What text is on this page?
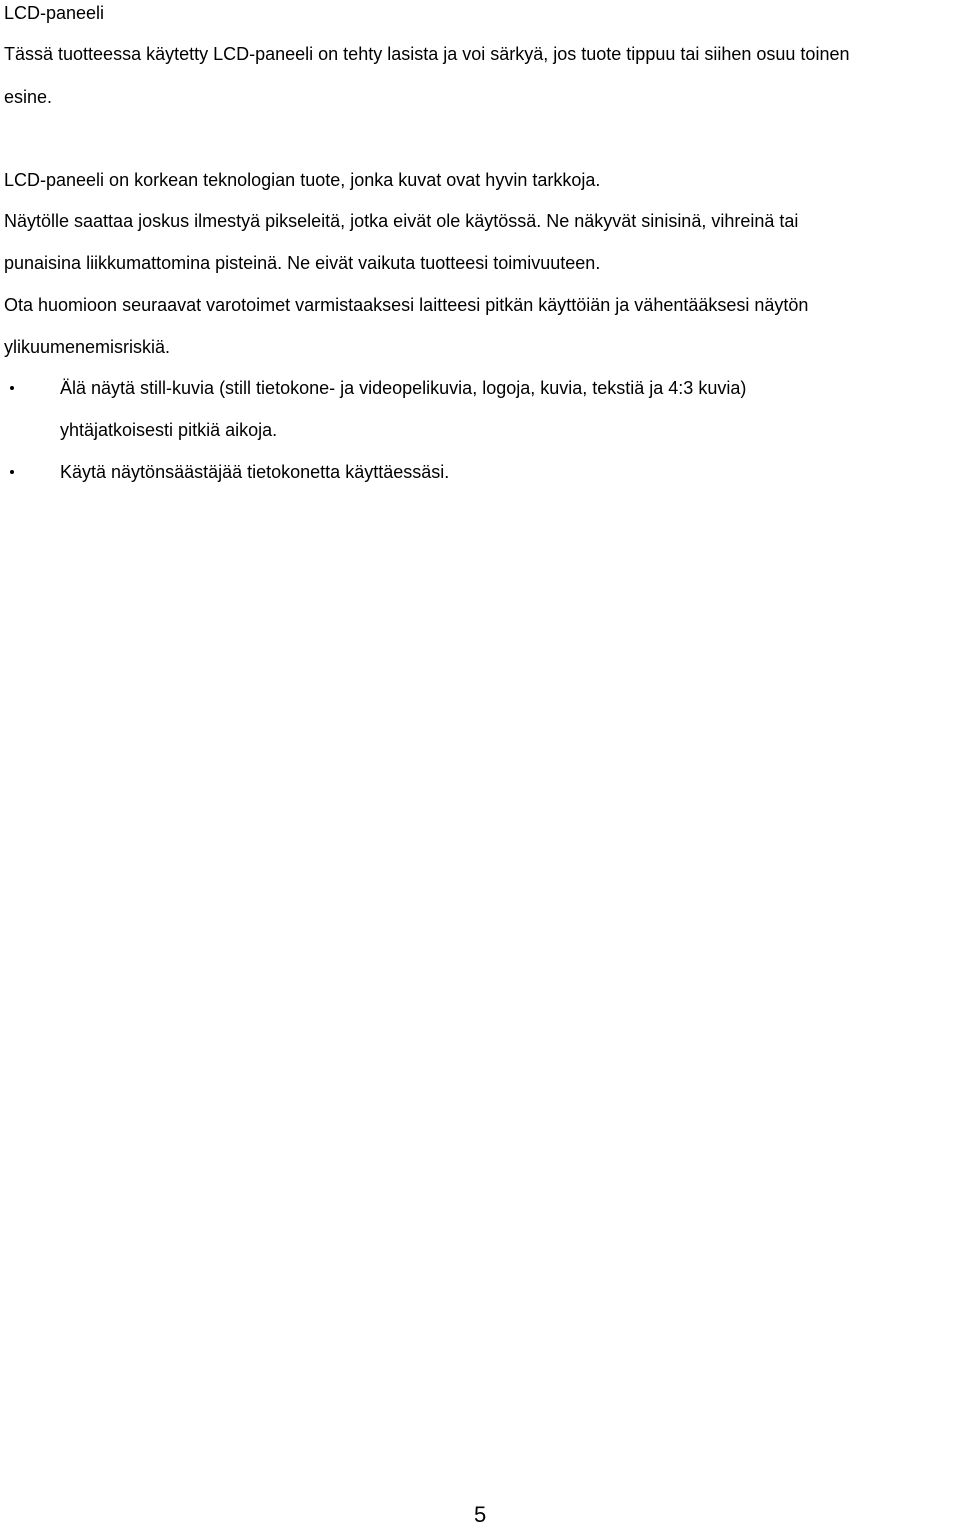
LCD-paneeli
Tässä tuotteessa käytetty LCD-paneeli on tehty lasista ja voi särkyä, jos tuote tippuu tai siihen osuu toinen
esine.
LCD-paneeli on korkean teknologian tuote, jonka kuvat ovat hyvin tarkkoja.
Näytölle saattaa joskus ilmestyä pikseleitä, jotka eivät ole käytössä. Ne näkyvät sinisinä, vihreinä tai
punaisina liikkumattomina pisteinä. Ne eivät vaikuta tuotteesi toimivuuteen.
Ota huomioon seuraavat varotoimet varmistaaksesi laitteesi pitkän käyttöiän ja vähentääksesi näytön
ylikuumenemisriskiä.
Älä näytä still-kuvia (still tietokone- ja videopelikuvia, logoja, kuvia, tekstiä ja 4:3 kuvia)
yhtäjatkoisesti pitkiä aikoja.
Käytä näytönsäästäjää tietokonetta käyttäessäsi.
5
